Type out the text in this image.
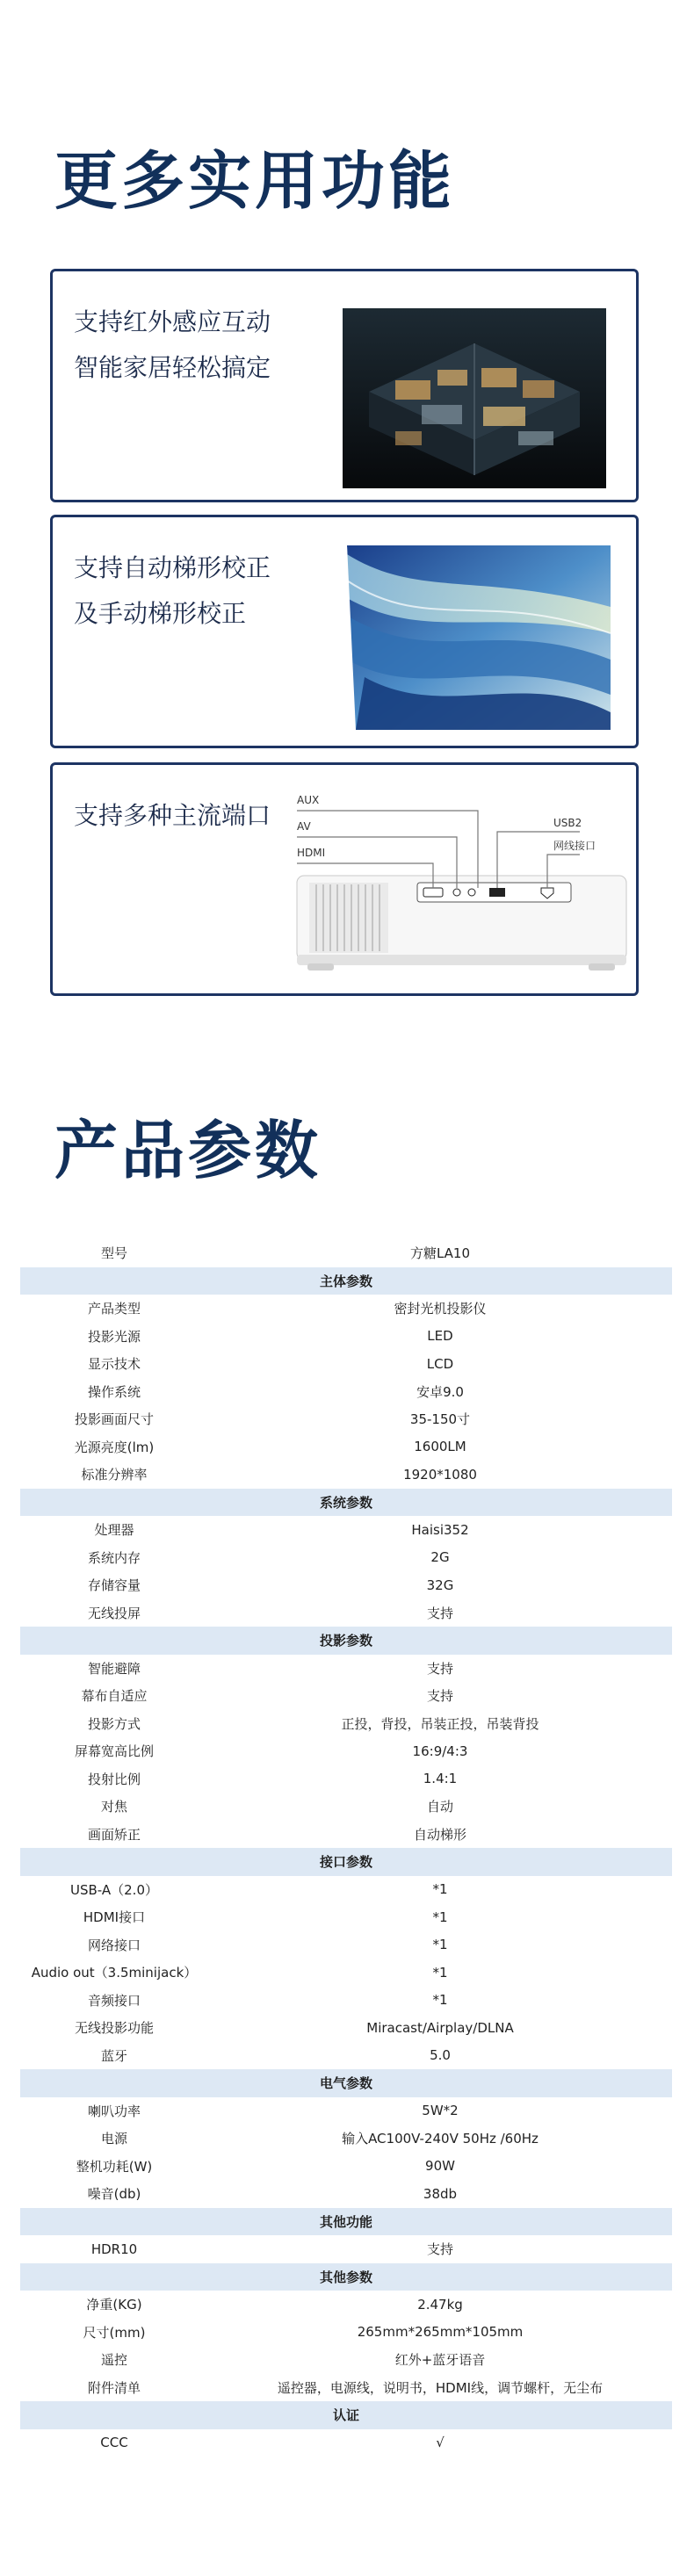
更多实用功能
支持红外感应互动
智能家居轻松搞定
支持自动梯形校正
及手动梯形校正
支持多种主流端口
AUX
AV
HDMI
USB2
网线接口
产品参数
型号	方糖LA10
主体参数
产品类型	密封光机投影仪
投影光源	LED
显示技术	LCD
操作系统	安卓9.0
投影画面尺寸	35-150寸
光源亮度(lm)	1600LM
标准分辨率	1920*1080
系统参数
处理器	Haisi352
系统内存	2G
存储容量	32G
无线投屏	支持
投影参数
智能避障	支持
幕布自适应	支持
投影方式	正投，背投，吊装正投，吊装背投
屏幕宽高比例	16:9/4:3
投射比例	1.4:1
对焦	自动
画面矫正	自动梯形
接口参数
USB-A（2.0）	*1
HDMI接口	*1
网络接口	*1
Audio out（3.5minijack）	*1
音频接口	*1
无线投影功能	Miracast/Airplay/DLNA
蓝牙	5.0
电气参数
喇叭功率	5W*2
电源	输入AC100V-240V 50Hz /60Hz
整机功耗(W)	90W
噪音(db)	38db
其他功能
HDR10	支持
其他参数
净重(KG)	2.47kg
尺寸(mm)	265mm*265mm*105mm
遥控	红外+蓝牙语音
附件清单	遥控器，电源线，说明书，HDMI线，调节螺杆，无尘布
认证
CCC	√
